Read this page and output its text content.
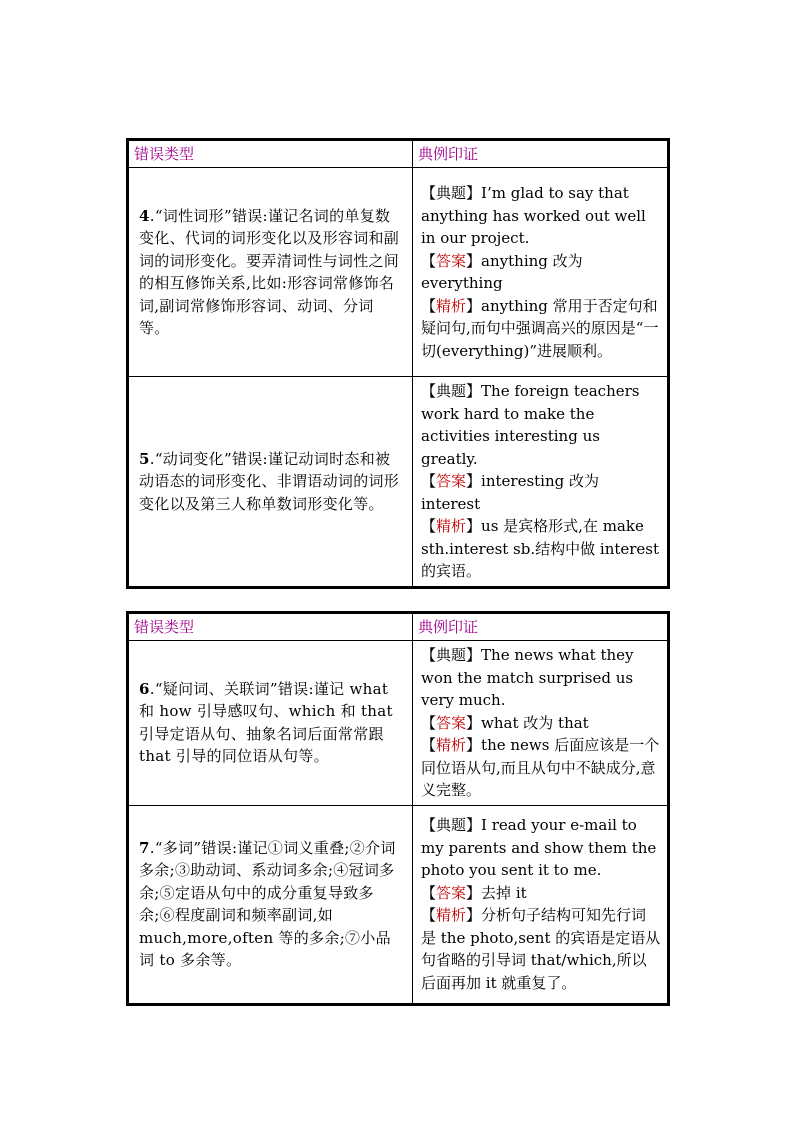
错误类型	典例印证

4.“词性词形”错误:谨记名词的单复数变化、代词的词形变化以及形容词和副词的词形变化。要弄清词性与词性之间的相互修饰关系,比如:形容词常修饰名词,副词常修饰形容词、动词、分词等。	【典题】I’m glad to say that anything has worked out well in our project.
【答案】anything 改为 everything
【精析】anything 常用于否定句和疑问句,而句中强调高兴的原因是“一切(everything)”进展顺利。

5.“动词变化”错误:谨记动词时态和被动语态的词形变化、非谓语动词的词形变化以及第三人称单数词形变化等。	【典题】The foreign teachers work hard to make the activities interesting us greatly.
【答案】interesting 改为 interest
【精析】us 是宾格形式,在 make sth.interest sb.结构中做 interest 的宾语。
错误类型	典例印证

6.“疑问词、关联词”错误:谨记 what 和 how 引导感叹句、which 和 that 引导定语从句、抽象名词后面常常跟 that 引导的同位语从句等。	【典题】The news what they won the match surprised us very much.
【答案】what 改为 that
【精析】the news 后面应该是一个同位语从句,而且从句中不缺成分,意义完整。

7.“多词”错误:谨记①词义重叠;②介词多余;③助动词、系动词多余;④冠词多余;⑤定语从句中的成分重复导致多余;⑥程度副词和频率副词,如 much,more,often 等的多余;⑦小品词 to 多余等。	【典题】I read your e-mail to my parents and show them the photo you sent it to me.
【答案】去掉 it
【精析】分析句子结构可知先行词是 the photo,sent 的宾语是定语从句省略的引导词 that/which,所以后面再加 it 就重复了。
